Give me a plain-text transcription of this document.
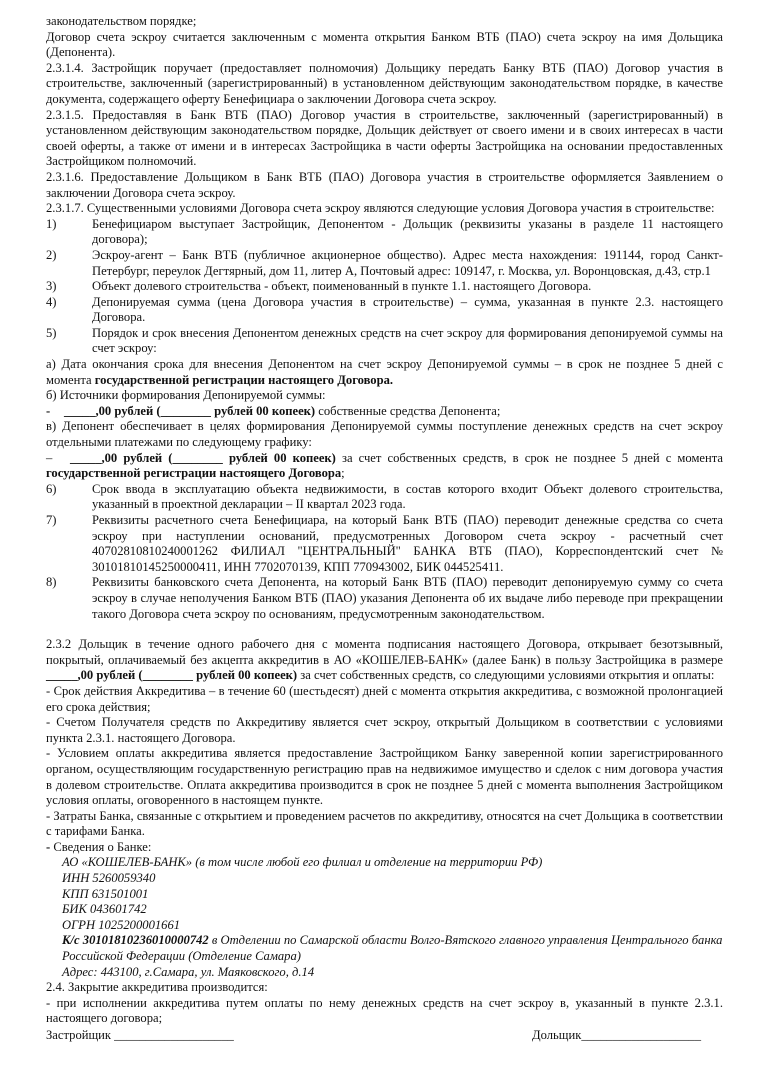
законодательством порядке;

Договор счета эскроу считается заключенным с момента открытия Банком ВТБ (ПАО) счета эскроу на имя Дольщика (Депонента).

2.3.1.4. Застройщик поручает (предоставляет полномочия) Дольщику передать Банку ВТБ (ПАО) Договор участия в строительстве, заключенный (зарегистрированный) в установленном действующим законодательством порядке, в качестве документа, содержащего оферту Бенефициара о заключении Договора счета эскроу.

2.3.1.5. Предоставляя в Банк ВТБ (ПАО) Договор участия в строительстве, заключенный (зарегистрированный) в установленном действующим законодательством порядке, Дольщик действует от своего имени и в своих интересах в части своей оферты, а также от имени и в интересах Застройщика в части оферты Застройщика на основании предоставленных Застройщиком полномочий.

2.3.1.6. Предоставление Дольщиком в Банк ВТБ (ПАО) Договора участия в строительстве оформляется Заявлением о заключении Договора счета эскроу.

2.3.1.7. Существенными условиями Договора счета эскроу являются следующие условия Договора участия в строительстве:

1)	Бенефициаром выступает Застройщик, Депонентом - Дольщик (реквизиты указаны в разделе 11 настоящего договора);
2)	Эскроу-агент – Банк ВТБ (публичное акционерное общество). Адрес места нахождения: 191144, город Санкт-Петербург, переулок Дегтярный, дом 11, литер А, Почтовый адрес: 109147, г. Москва, ул. Воронцовская, д.43, стр.1
3)	Объект долевого строительства - объект, поименованный в пункте 1.1. настоящего Договора.
4)	Депонируемая сумма (цена Договора участия в строительстве) – сумма, указанная в пункте 2.3. настоящего Договора.
5)	Порядок и срок внесения Депонентом денежных средств на счет эскроу для формирования депонируемой суммы на счет эскроу:

а) Дата окончания срока для внесения Депонентом на счет эскроу Депонируемой суммы – в срок не позднее 5 дней с момента государственной регистрации настоящего Договора.

б) Источники формирования Депонируемой суммы:

- _____,00 рублей (________ рублей 00 копеек) собственные средства Депонента;

в) Депонент обеспечивает в целях формирования Депонируемой суммы поступление денежных средств на счет эскроу отдельными платежами по следующему графику:

– _____,00 рублей (________ рублей 00 копеек) за счет собственных средств, в срок не позднее 5 дней с момента государственной регистрации настоящего Договора;

6)	Срок ввода в эксплуатацию объекта недвижимости, в состав которого входит Объект долевого строительства, указанный в проектной декларации – II квартал 2023 года.
7)	Реквизиты расчетного счета Бенефициара, на который Банк ВТБ (ПАО) переводит денежные средства со счета эскроу при наступлении оснований, предусмотренных Договором счета эскроу - расчетный счет 40702810810240001262 ФИЛИАЛ "ЦЕНТРАЛЬНЫЙ" БАНКА ВТБ (ПАО), Корреспондентский счет № 30101810145250000411, ИНН 7702070139, КПП 770943002, БИК 044525411.
8)	Реквизиты банковского счета Депонента, на который Банк ВТБ (ПАО) переводит депонируемую сумму со счета эскроу в случае неполучения Банком ВТБ (ПАО) указания Депонента об их выдаче либо переводе при прекращении такого Договора счета эскроу по основаниям, предусмотренным законодательством.

2.3.2 Дольщик в течение одного рабочего дня с момента подписания настоящего Договора, открывает безотзывный, покрытый, оплачиваемый без акцепта аккредитив в АО «КОШЕЛЕВ-БАНК» (далее Банк) в пользу Застройщика в размере _____,00 рублей (________ рублей 00 копеек) за счет собственных средств, со следующими условиями открытия и оплаты:

- Срок действия Аккредитива – в течение 60 (шестьдесят) дней с момента открытия аккредитива, с возможной пролонгацией его срока действия;

- Счетом Получателя средств по Аккредитиву является счет эскроу, открытый Дольщиком в соответствии с условиями пункта 2.3.1. настоящего Договора.

- Условием оплаты аккредитива является предоставление Застройщиком Банку заверенной копии зарегистрированного органом, осуществляющим государственную регистрацию прав на недвижимое имущество и сделок с ним договора участия в долевом строительстве. Оплата аккредитива производится в срок не позднее 5 дней с момента выполнения Застройщиком условия оплаты, оговоренного в настоящем пункте.

- Затраты Банка, связанные с открытием и проведением расчетов по аккредитиву, относятся на счет Дольщика в соответствии с тарифами Банка.

- Сведения о Банке:

АО «КОШЕЛЕВ-БАНК» (в том числе любой его филиал и отделение на территории РФ)
ИНН 5260059340
КПП 631501001
БИК 043601742
ОГРН 1025200001661
К/с 30101810236010000742 в Отделении по Самарской области Волго-Вятского главного управления Центрального банка Российской Федерации (Отделение Самара)
Адрес: 443100, г.Самара, ул. Маяковского, д.14

2.4. Закрытие аккредитива производится:

- при исполнении аккредитива путем оплаты по нему денежных средств на счет эскроу в, указанный в пункте 2.3.1. настоящего договора;

Застройщик ___________________	Дольщик___________________
